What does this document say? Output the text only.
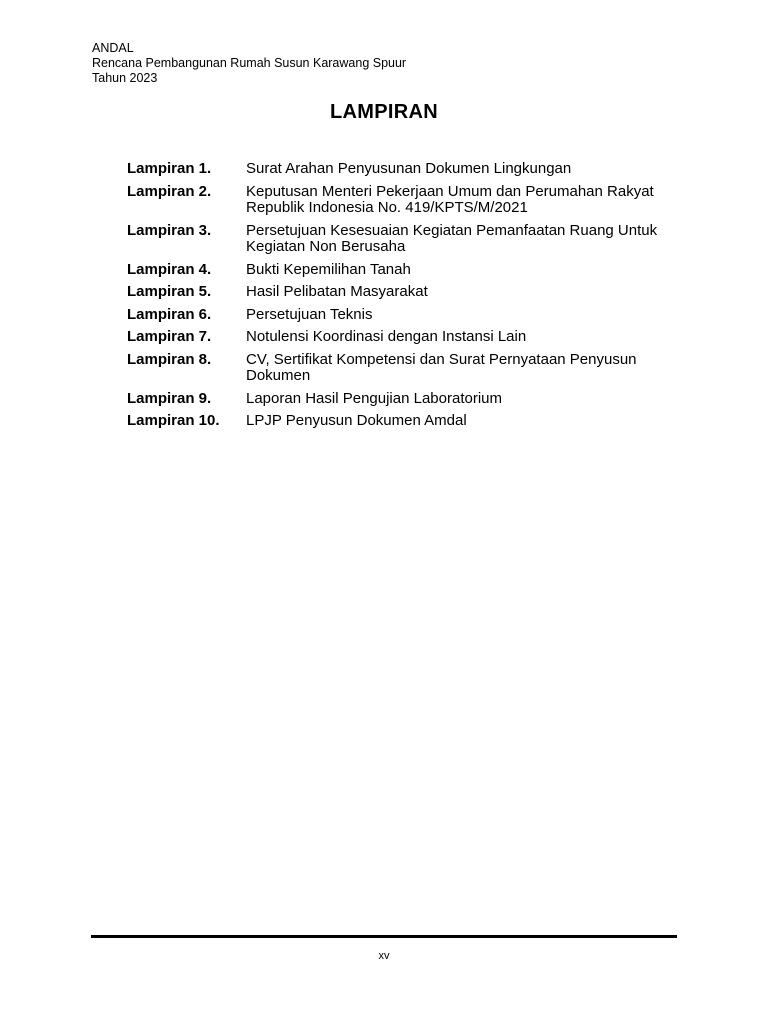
ANDAL
Rencana Pembangunan Rumah Susun Karawang Spuur
Tahun 2023
LAMPIRAN
Lampiran 1.	Surat Arahan Penyusunan Dokumen Lingkungan
Lampiran 2.	Keputusan Menteri Pekerjaan Umum dan Perumahan Rakyat Republik Indonesia No. 419/KPTS/M/2021
Lampiran 3.	Persetujuan Kesesuaian Kegiatan Pemanfaatan Ruang Untuk Kegiatan Non Berusaha
Lampiran 4.	Bukti Kepemilihan Tanah
Lampiran 5.	Hasil Pelibatan Masyarakat
Lampiran 6.	Persetujuan Teknis
Lampiran 7.	Notulensi Koordinasi dengan Instansi Lain
Lampiran 8.	CV, Sertifikat Kompetensi dan Surat Pernyataan Penyusun Dokumen
Lampiran 9.	Laporan Hasil Pengujian Laboratorium
Lampiran 10.	LPJP Penyusun Dokumen Amdal
xv
